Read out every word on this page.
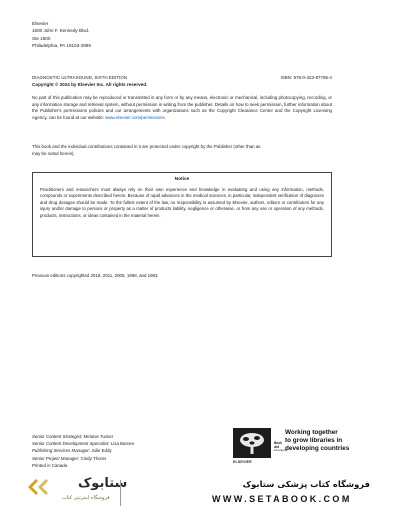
Elsevier
1600 John F. Kennedy Blvd.
Ste 1800
Philadelphia, PA 19103-2899
DIAGNOSTIC ULTRASOUND, SIXTH EDITION	ISBN: 978-0-323-87795-4
Copyright © 2024 by Elsevier Inc. All rights reserved.

No part of this publication may be reproduced or transmitted in any form or by any means, electronic or mechanical, including photocopying, recording, or any information storage and retrieval system, without permission in writing from the publisher. Details on how to seek permission, further information about the Publisher's permissions policies and our arrangements with organizations such as the Copyright Clearance Center and the Copyright Licensing Agency, can be found at our website: www.elsevier.com/permissions.

This book and the individual contributions contained in it are protected under copyright by the Publisher (other than as may be noted herein).

Notice

Practitioners and researchers must always rely on their own experience and knowledge in evaluating and using any information, methods, compounds or experiments described herein. Because of rapid advances in the medical sciences, in particular, independent verification of diagnoses and drug dosages should be made. To the fullest extent of the law, no responsibility is assumed by Elsevier, authors, editors or contributors for any injury and/or damage to persons or property as a matter of products liability, negligence or otherwise, or from any use or operation of any methods, products, instructions, or ideas contained in the material herein.

Previous editions copyrighted 2018, 2011, 2005, 1998, and 1993.
Senior Content Strategist: Melanie Tucker
Senior Content Development Specialist: Lisa Barnes
Publishing Services Manager: Julie Eddy
Senior Project Manager: Cindy Thoms
Printed in Canada
ELSEVIER
Book Aid
International
Working together
to grow libraries in
developing countries
ستابوک
فروشگاه اینترنتی کتاب
فروشگاه کتاب پزشکی ستابوک
WWW.SETABOOK.COM
